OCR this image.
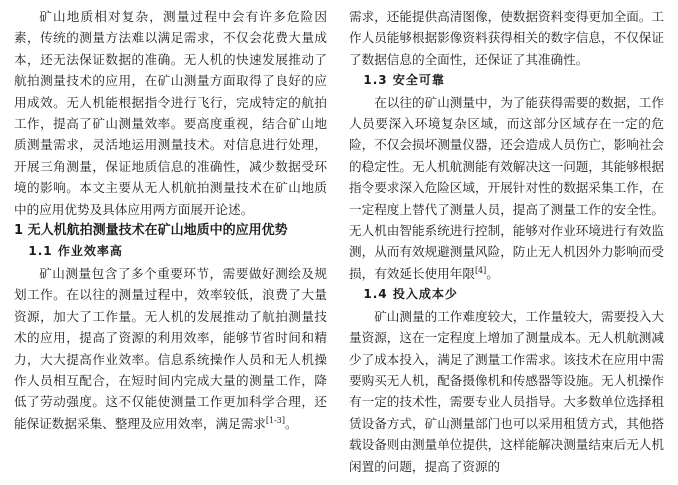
矿山地质相对复杂，测量过程中会有许多危险因素，传统的测量方法难以满足需求，不仅会花费大量成本，还无法保证数据的准确。无人机的快速发展推动了航拍测量技术的应用，在矿山测量方面取得了良好的应用成效。无人机能根据指令进行飞行，完成特定的航拍工作，提高了矿山测量效率。要高度重视，结合矿山地质测量需求，灵活地运用测量技术。对信息进行处理，开展三角测量，保证地质信息的准确性，减少数据受环境的影响。本文主要从无人机航拍测量技术在矿山地质中的应用优势及具体应用两方面展开论述。

1 无人机航拍测量技术在矿山地质中的应用优势
1.1 作业效率高

矿山测量包含了多个重要环节，需要做好测绘及规划工作。在以往的测量过程中，效率较低，浪费了大量资源，加大了工作量。无人机的发展推动了航拍测量技术的应用，提高了资源的利用效率，能够节省时间和精力，大大提高作业效率。信息系统操作人员和无人机操作人员相互配合，在短时间内完成大量的测量工作，降低了劳动强度。这不仅能使测量工作更加科学合理，还能保证数据采集、整理及应用效率，满足需求[1-3]。

需求，还能提供高清图像，使数据资料变得更加全面。工作人员能够根据影像资料获得相关的数字信息，不仅保证了数据信息的全面性，还保证了其准确性。

1.3 安全可靠

在以往的矿山测量中，为了能获得需要的数据，工作人员要深入环境复杂区域，而这部分区域存在一定的危险，不仅会损坏测量仪器，还会造成人员伤亡，影响社会的稳定性。无人机航测能有效解决这一问题，其能够根据指令要求深入危险区域，开展针对性的数据采集工作，在一定程度上替代了测量人员，提高了测量工作的安全性。无人机由智能系统进行控制，能够对作业环境进行有效监测，从而有效规避测量风险，防止无人机因外力影响而受损，有效延长使用年限[4]。

1.4 投入成本少

矿山测量的工作难度较大，工作量较大，需要投入大量资源，这在一定程度上增加了测量成本。无人机航测减少了成本投入，满足了测量工作需求。该技术在应用中需要购买无人机，配备摄像机和传感器等设施。无人机操作有一定的技术性，需要专业人员指导。大多数单位选择租赁设备方式，矿山测量部门也可以采用租赁方式，其他搭载设备则由测量单位提供，这样能解决测量结束后无人机闲置的问题，提高了资源的
